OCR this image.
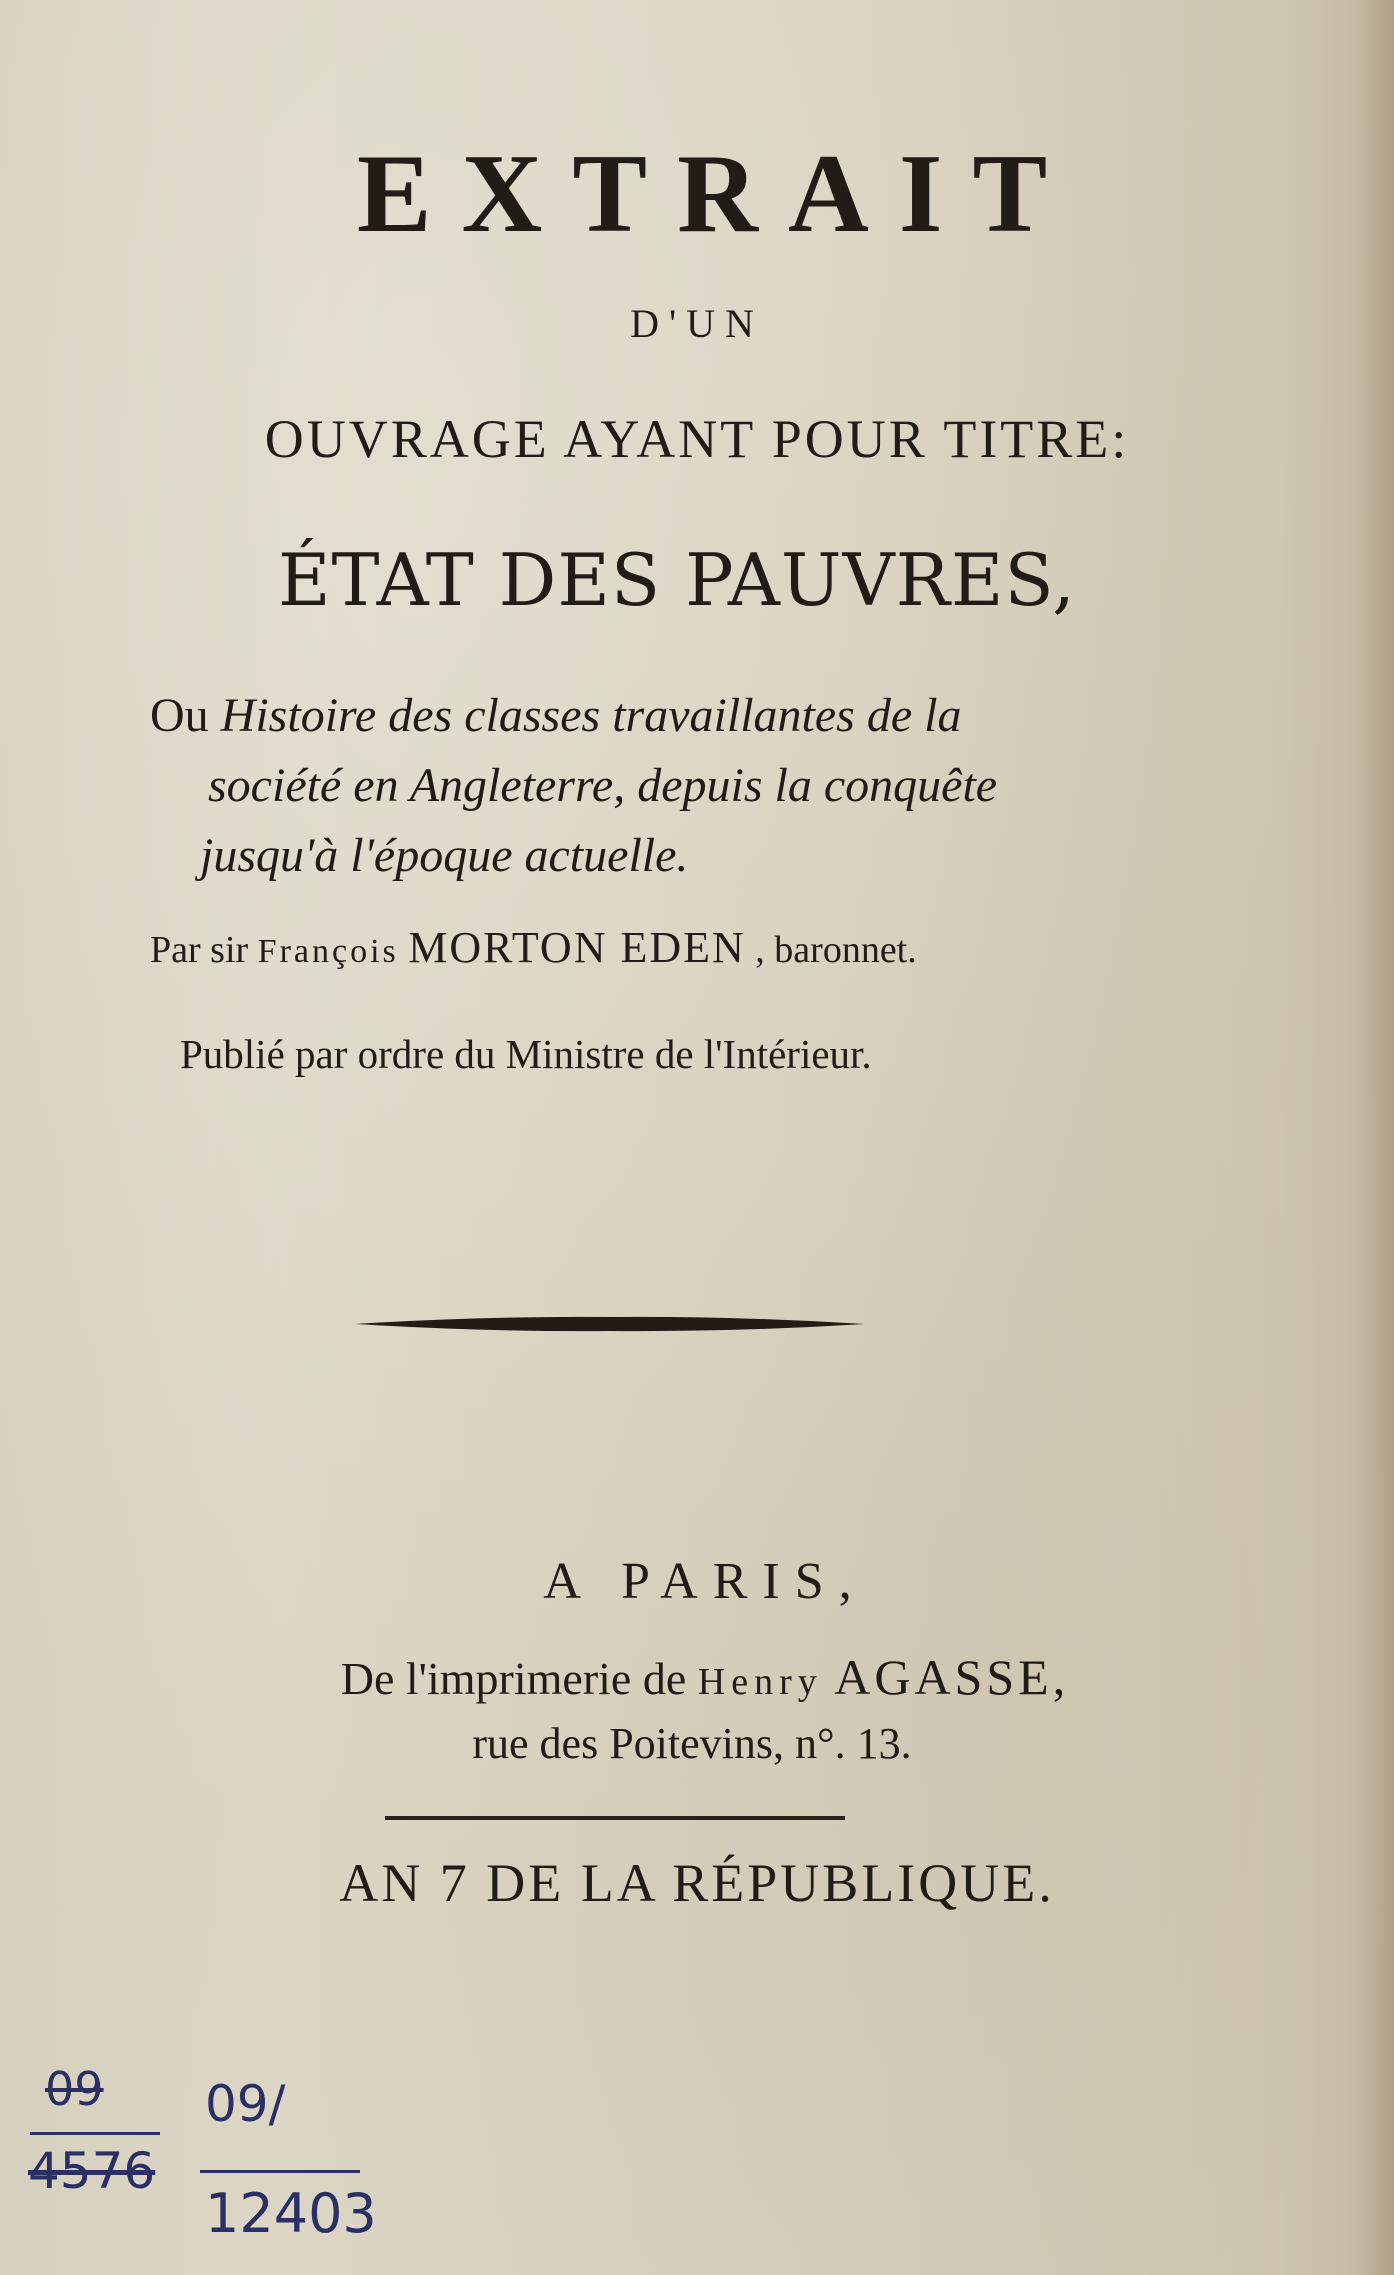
EXTRAIT
D'UN
OUVRAGE AYANT POUR TITRE:
ÉTAT DES PAUVRES,
Ou Histoire des classes travaillantes de la
société en Angleterre, depuis la conquête
jusqu'à l'époque actuelle.
Par sir François MORTON EDEN , baronnet.
Publié par ordre du Ministre de l'Intérieur.
A PARIS,
De l'imprimerie de Henry AGASSE,
rue des Poitevins, n°. 13.
AN 7 DE LA RÉPUBLIQUE.
09 09/
4576
12403
